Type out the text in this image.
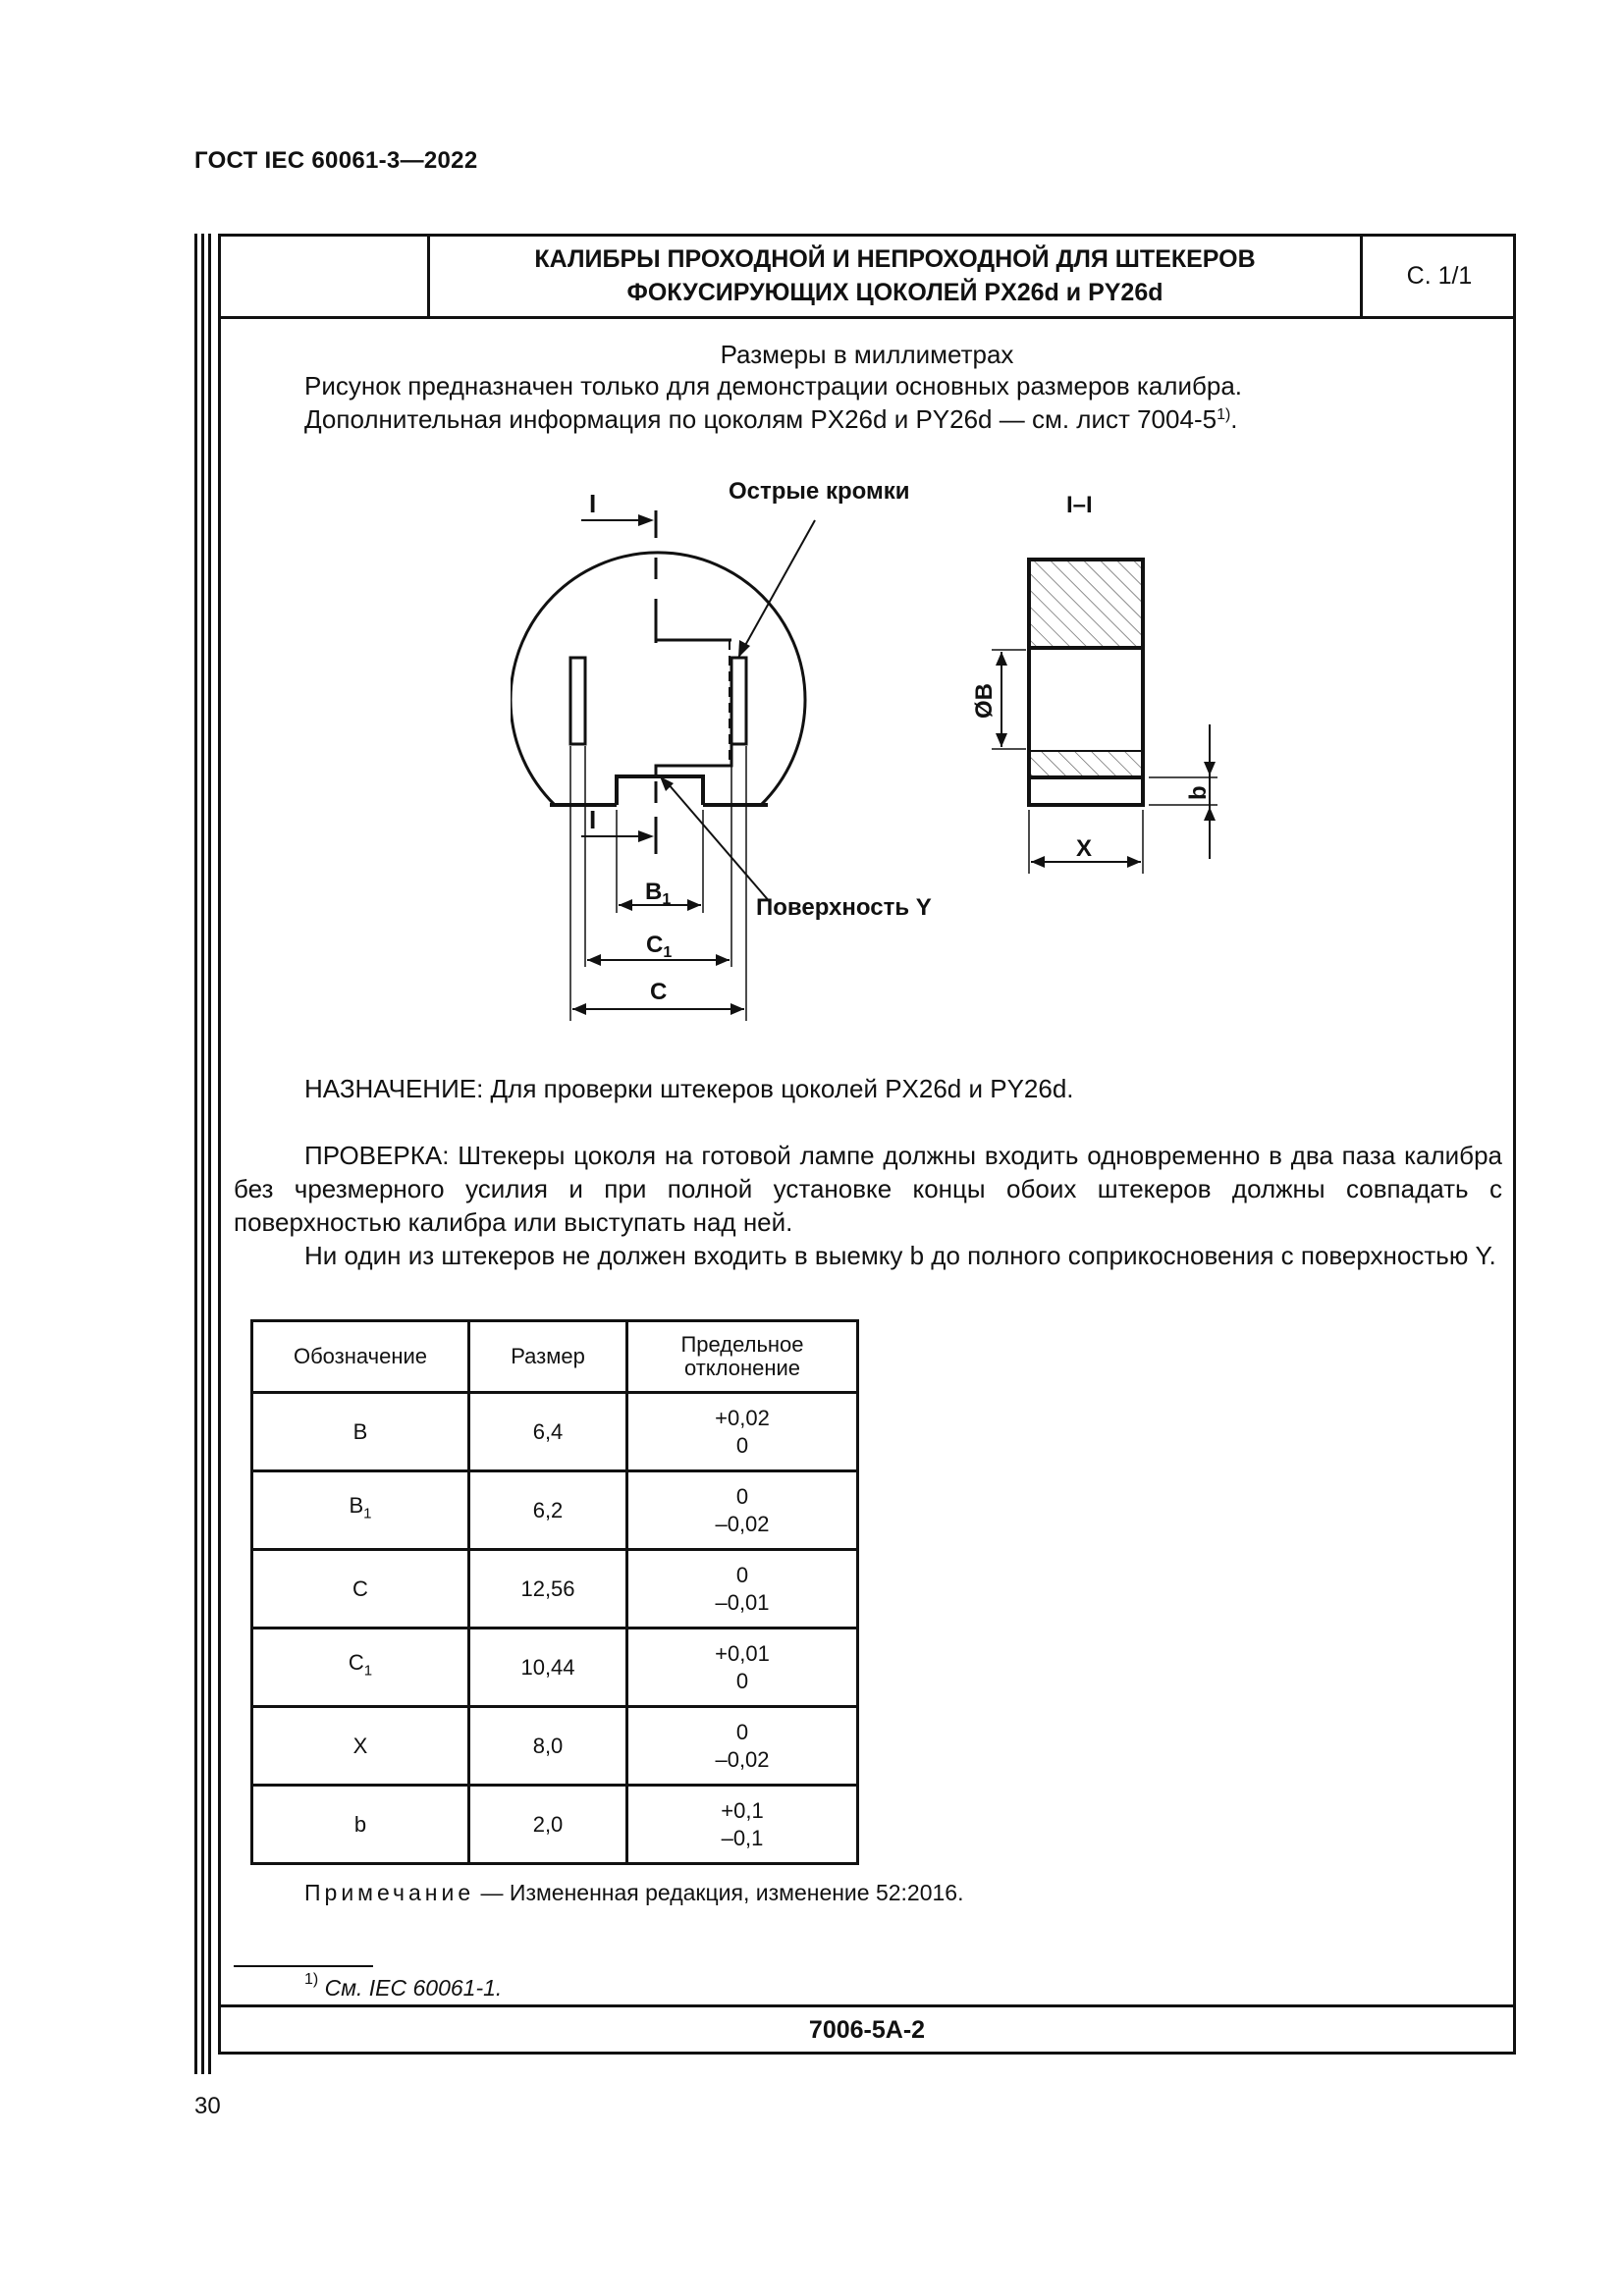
ГОСТ IEC 60061-3—2022
КАЛИБРЫ ПРОХОДНОЙ И НЕПРОХОДНОЙ ДЛЯ ШТЕКЕРОВ
ФОКУСИРУЮЩИХ ЦОКОЛЕЙ PX26d и PY26d
С. 1/1
Размеры в миллиметрах
Рисунок предназначен только для демонстрации основных размеров калибра.
Дополнительная информация по цоколям PX26d и PY26d — см. лист 7004-5$^{1)}$.
I
I
Острые кромки
Поверхность Y
$B_1$
$C_1$
C
I–I
ØB
X
b
НАЗНАЧЕНИЕ: Для проверки штекеров цоколей PX26d и PY26d.
ПРОВЕРКА: Штекеры цоколя на готовой лампе должны входить одновременно в два паза калибра без чрезмерного усилия и при полной установке концы обоих штекеров должны совпадать с поверхностью калибра или выступать над ней.
Ни один из штекеров не должен входить в выемку b до полного соприкосновения с поверхностью Y.
Обозначение	Размер	Предельное
отклонение

B	6,4	+0,02
0

$B_1$	6,2	0
–0,02

C	12,56	0
–0,01

$C_1$	10,44	+0,01
0

X	8,0	0
–0,02

b	2,0	+0,1
–0,1
Примечание — Измененная редакция, изменение 52:2016.
$^{1)}$ См. IEC 60061-1.
7006-5A-2
30
